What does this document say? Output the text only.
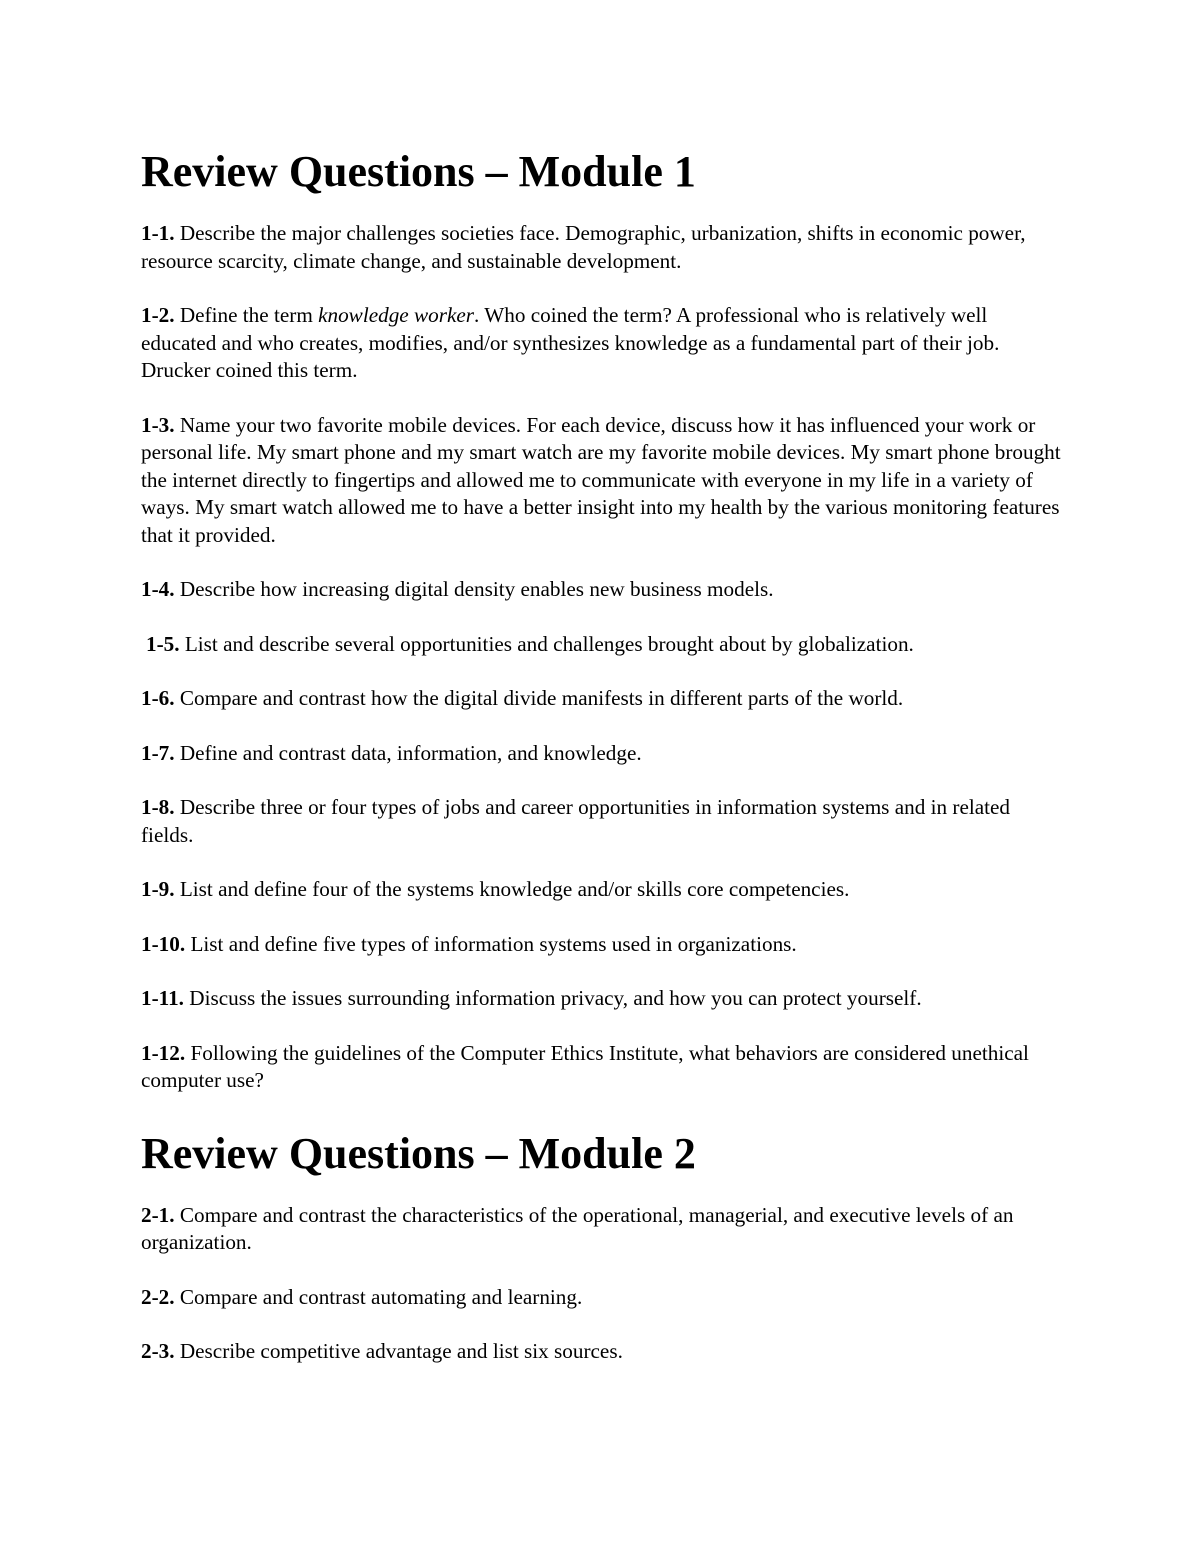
Review Questions – Module 1

1-1. Describe the major challenges societies face. Demographic, urbanization, shifts in economic power, resource scarcity, climate change, and sustainable development.

1-2. Define the term knowledge worker. Who coined the term? A professional who is relatively well educated and who creates, modifies, and/or synthesizes knowledge as a fundamental part of their job. Drucker coined this term.

1-3. Name your two favorite mobile devices. For each device, discuss how it has influenced your work or personal life. My smart phone and my smart watch are my favorite mobile devices. My smart phone brought the internet directly to fingertips and allowed me to communicate with everyone in my life in a variety of ways. My smart watch allowed me to have a better insight into my health by the various monitoring features that it provided.

1-4. Describe how increasing digital density enables new business models.

1-5. List and describe several opportunities and challenges brought about by globalization.

1-6. Compare and contrast how the digital divide manifests in different parts of the world.

1-7. Define and contrast data, information, and knowledge.

1-8. Describe three or four types of jobs and career opportunities in information systems and in related fields.

1-9. List and define four of the systems knowledge and/or skills core competencies.

1-10. List and define five types of information systems used in organizations.

1-11. Discuss the issues surrounding information privacy, and how you can protect yourself.

1-12. Following the guidelines of the Computer Ethics Institute, what behaviors are considered unethical computer use?

Review Questions – Module 2

2-1. Compare and contrast the characteristics of the operational, managerial, and executive levels of an organization.

2-2. Compare and contrast automating and learning.

2-3. Describe competitive advantage and list six sources.
